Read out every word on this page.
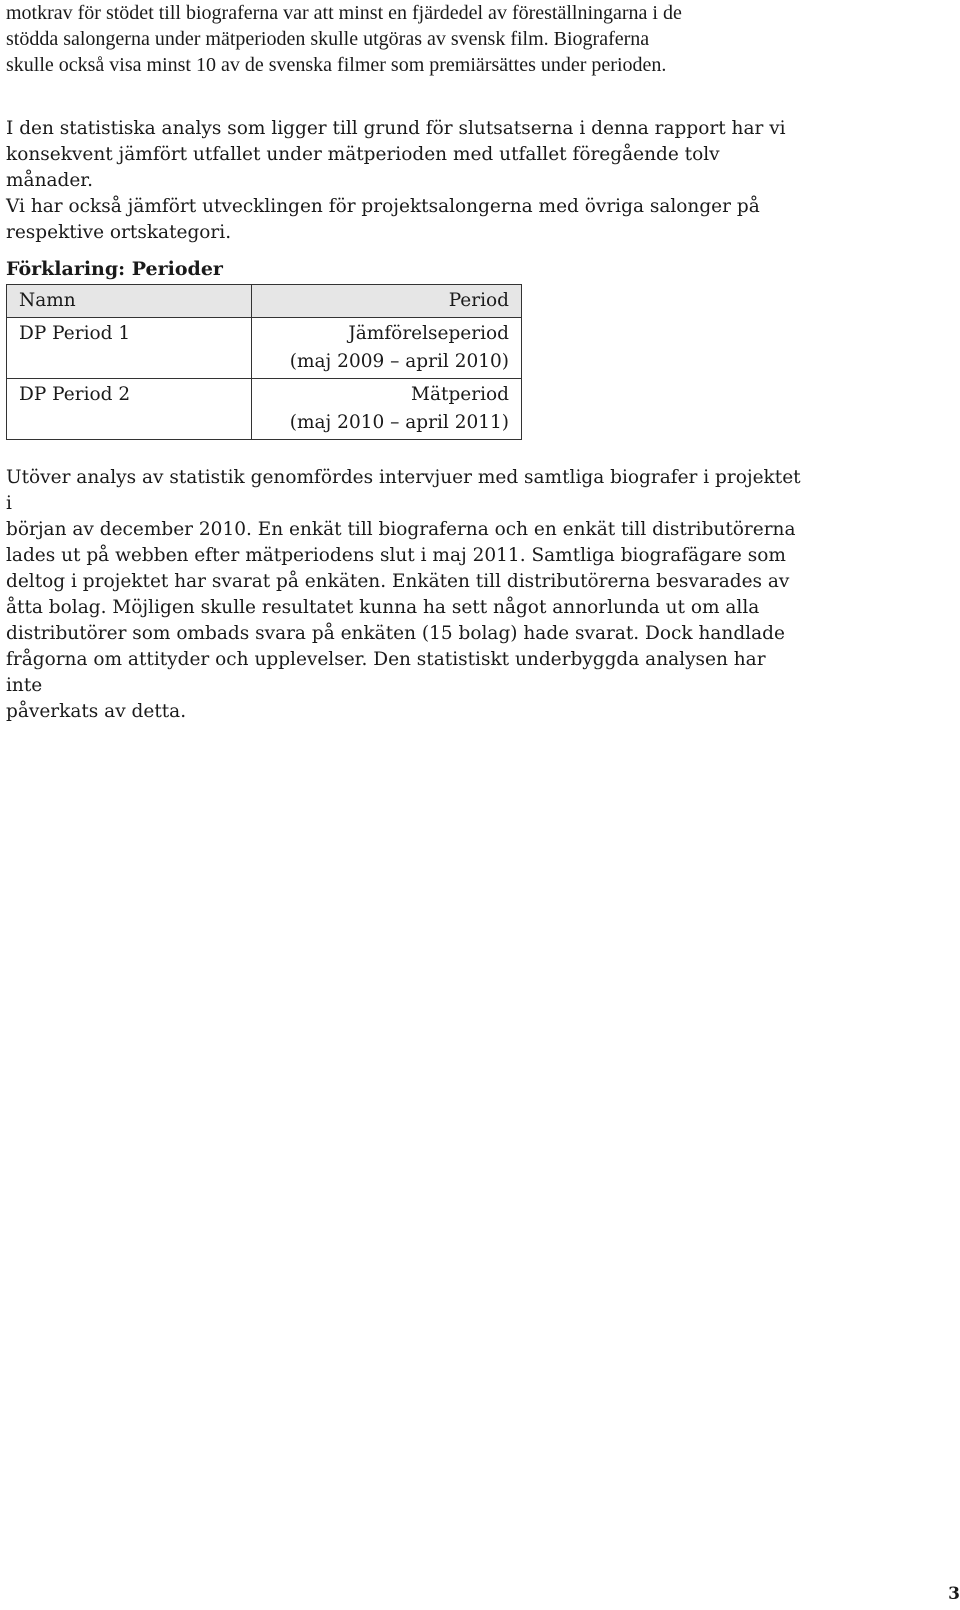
motkrav för stödet till biograferna var att minst en fjärdedel av föreställningarna i de
stödda salongerna under mätperioden skulle utgöras av svensk film. Biograferna
skulle också visa minst 10 av de svenska filmer som premiärsättes under perioden.

I den statistiska analys som ligger till grund för slutsatserna i denna rapport har vi
konsekvent jämfört utfallet under mätperioden med utfallet föregående tolv månader.
Vi har också jämfört utvecklingen för projektsalongerna med övriga salonger på
respektive ortskategori.

Förklaring: Perioder

Namn	Period
DP Period 1	Jämförelseperiod
(maj 2009 – april 2010)

DP Period 2	Mätperiod
(maj 2010 – april 2011)

Utöver analys av statistik genomfördes intervjuer med samtliga biografer i projektet i
början av december 2010. En enkät till biograferna och en enkät till distributörerna
lades ut på webben efter mätperiodens slut i maj 2011. Samtliga biografägare som
deltog i projektet har svarat på enkäten. Enkäten till distributörerna besvarades av
åtta bolag. Möjligen skulle resultatet kunna ha sett något annorlunda ut om alla
distributörer som ombads svara på enkäten (15 bolag) hade svarat. Dock handlade
frågorna om attityder och upplevelser. Den statistiskt underbyggda analysen har inte
påverkats av detta.

3
